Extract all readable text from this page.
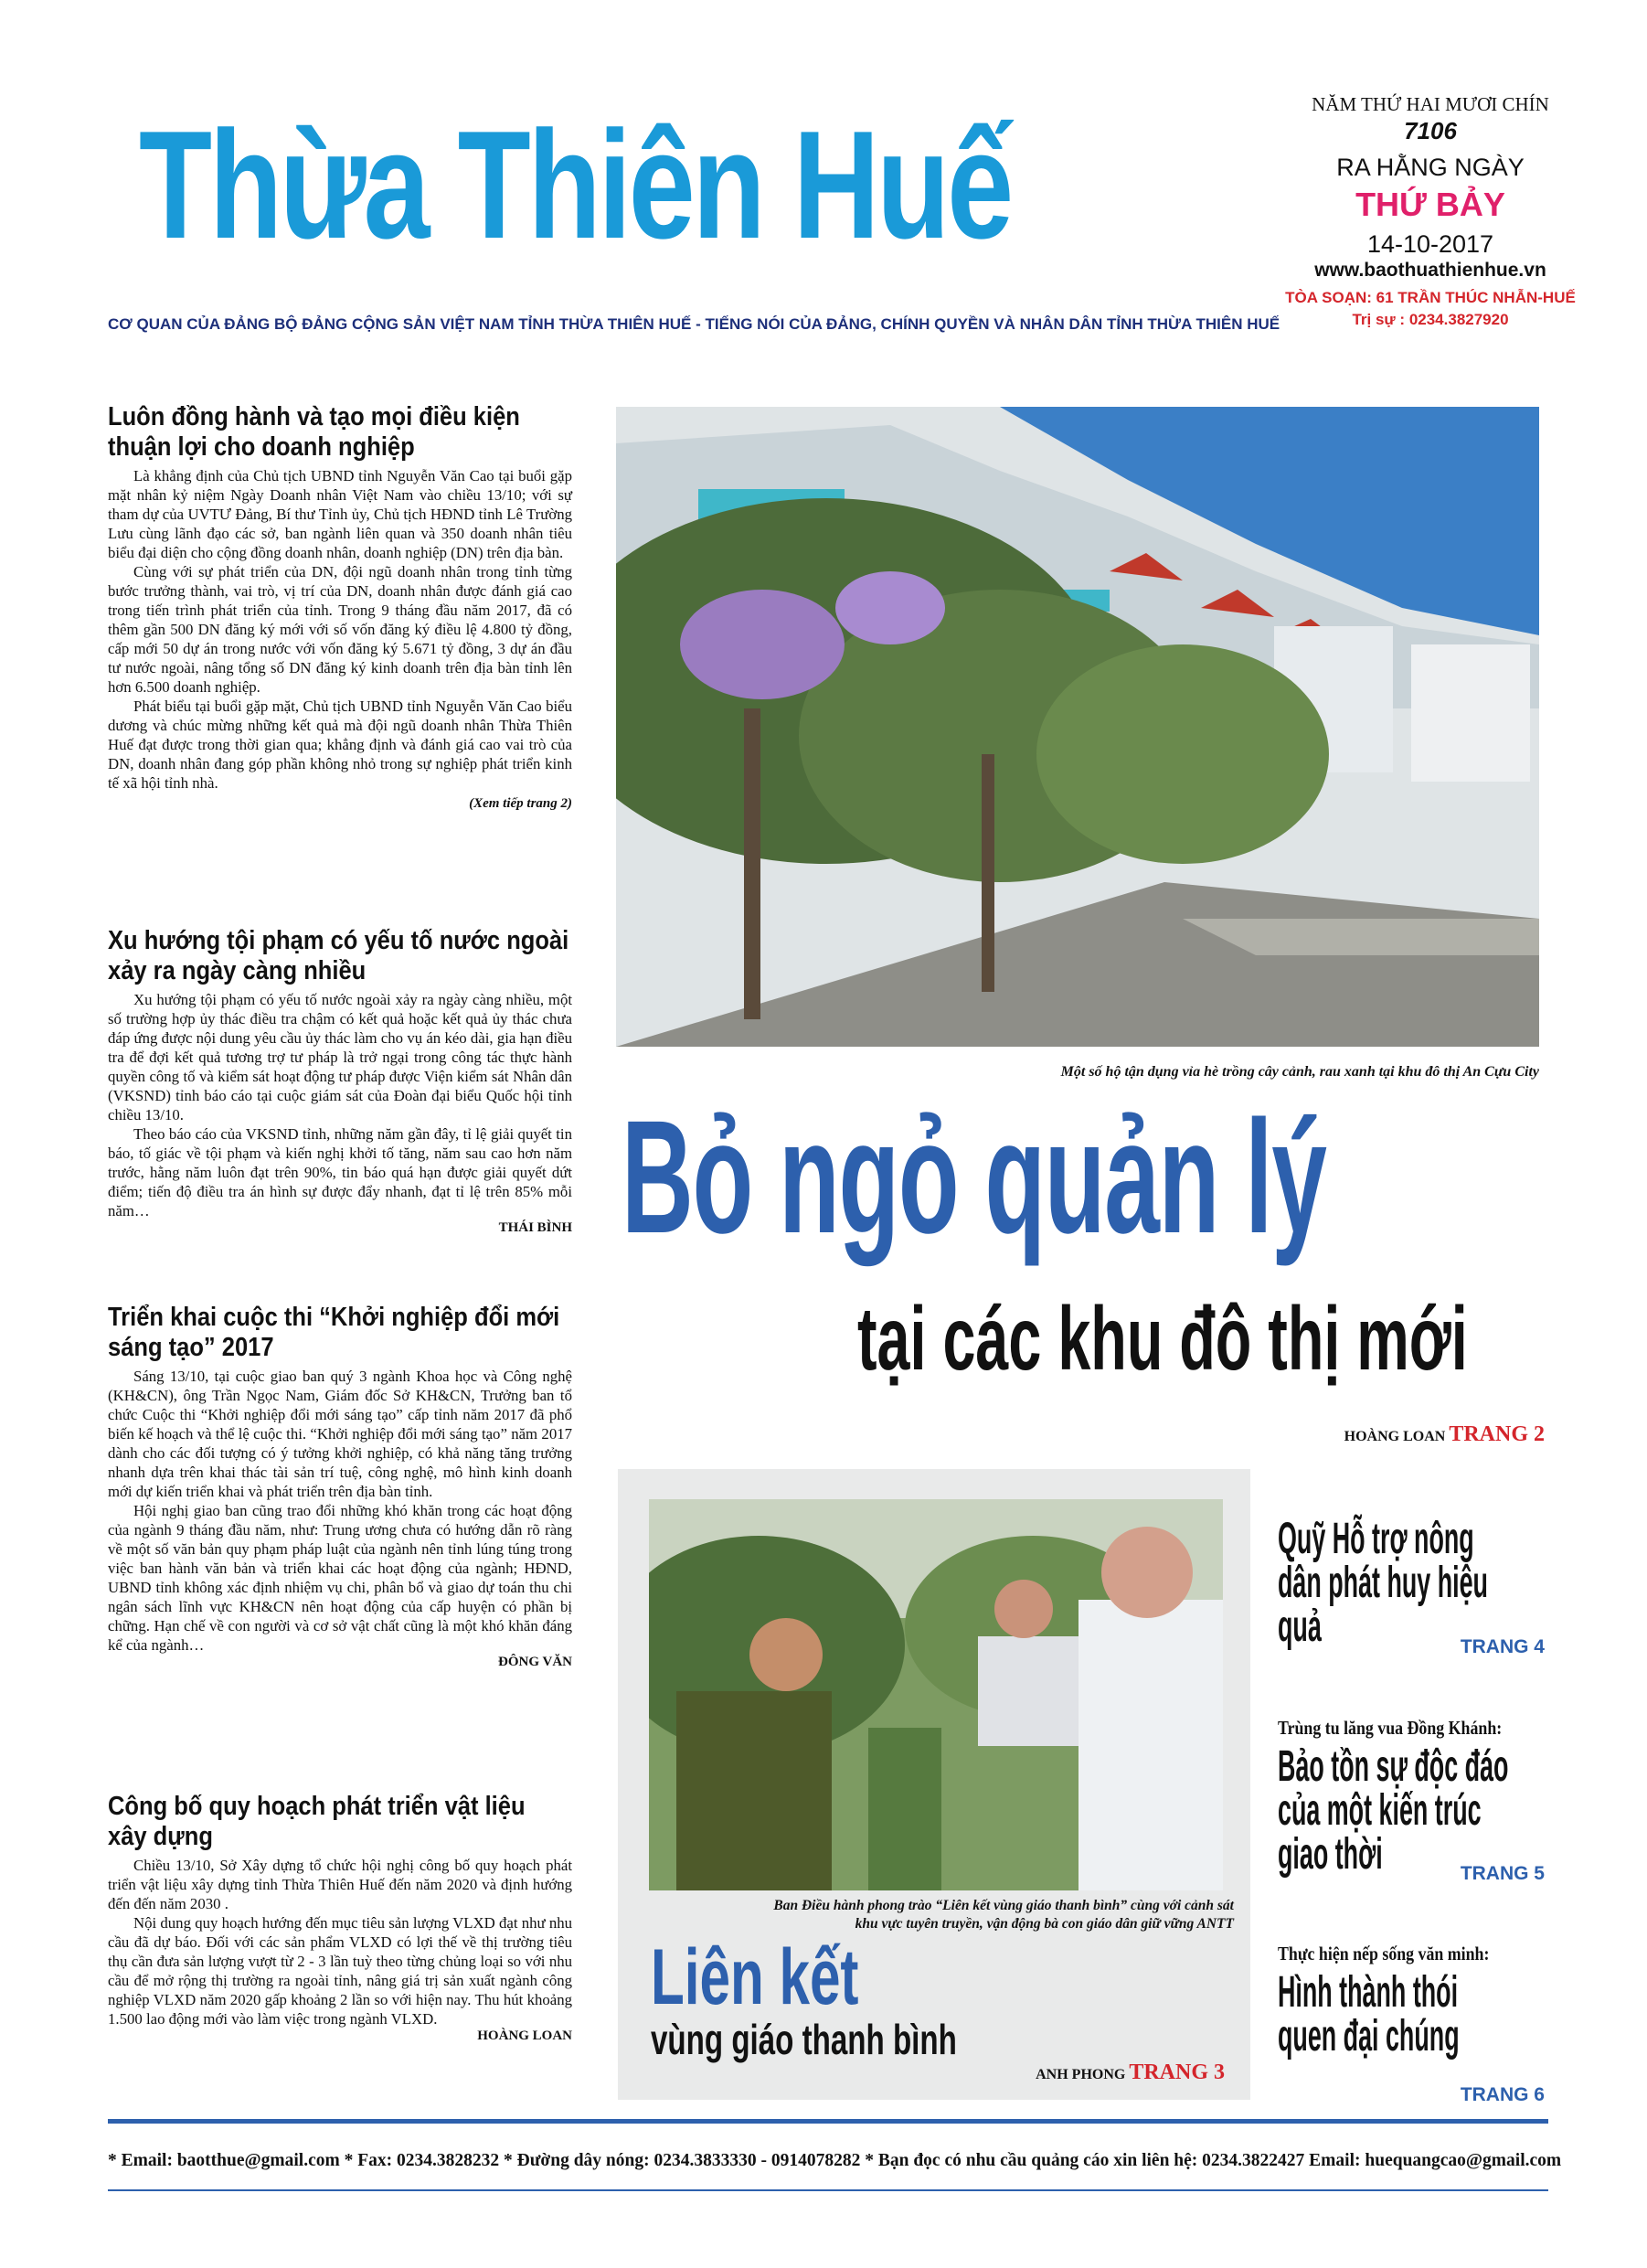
Thừa Thiên Huế
CƠ QUAN CỦA ĐẢNG BỘ ĐẢNG CỘNG SẢN VIỆT NAM TỈNH THỪA THIÊN HUẾ - TIẾNG NÓI CỦA ĐẢNG, CHÍNH QUYỀN VÀ NHÂN DÂN TỈNH THỪA THIÊN HUẾ
NĂM THỨ HAI MƯƠI CHÍN
7106
RA HẰNG NGÀY
THỨ BẢY
14-10-2017
www.baothuathienhue.vn
TÒA SOẠN: 61 TRẦN THÚC NHẪN-HUẾ
Trị sự : 0234.3827920
Luôn đồng hành và tạo mọi điều kiện thuận lợi cho doanh nghiệp

Là khẳng định của Chủ tịch UBND tỉnh Nguyễn Văn Cao tại buổi gặp mặt nhân kỷ niệm Ngày Doanh nhân Việt Nam vào chiều 13/10; với sự tham dự của UVTƯ Đảng, Bí thư Tỉnh ủy, Chủ tịch HĐND tỉnh Lê Trường Lưu cùng lãnh đạo các sở, ban ngành liên quan và 350 doanh nhân tiêu biểu đại diện cho cộng đồng doanh nhân, doanh nghiệp (DN) trên địa bàn.

Cùng với sự phát triển của DN, đội ngũ doanh nhân trong tỉnh từng bước trưởng thành, vai trò, vị trí của DN, doanh nhân được đánh giá cao trong tiến trình phát triển của tỉnh. Trong 9 tháng đầu năm 2017, đã có thêm gần 500 DN đăng ký mới với số vốn đăng ký điều lệ 4.800 tỷ đồng, cấp mới 50 dự án trong nước với vốn đăng ký 5.671 tỷ đồng, 3 dự án đầu tư nước ngoài, nâng tổng số DN đăng ký kinh doanh trên địa bàn tỉnh lên hơn 6.500 doanh nghiệp.

Phát biểu tại buổi gặp mặt, Chủ tịch UBND tỉnh Nguyễn Văn Cao biểu dương và chúc mừng những kết quả mà đội ngũ doanh nhân Thừa Thiên Huế đạt được trong thời gian qua; khẳng định và đánh giá cao vai trò của DN, doanh nhân đang góp phần không nhỏ trong sự nghiệp phát triển kinh tế xã hội tỉnh nhà.

(Xem tiếp trang 2)
Xu hướng tội phạm có yếu tố nước ngoài xảy ra ngày càng nhiều

Xu hướng tội phạm có yếu tố nước ngoài xảy ra ngày càng nhiều, một số trường hợp ủy thác điều tra chậm có kết quả hoặc kết quả ủy thác chưa đáp ứng được nội dung yêu cầu ủy thác làm cho vụ án kéo dài, gia hạn điều tra để đợi kết quả tương trợ tư pháp là trở ngại trong công tác thực hành quyền công tố và kiểm sát hoạt động tư pháp được Viện kiểm sát Nhân dân (VKSND) tỉnh báo cáo tại cuộc giám sát của Đoàn đại biểu Quốc hội tỉnh chiều 13/10.

Theo báo cáo của VKSND tỉnh, những năm gần đây, tỉ lệ giải quyết tin báo, tố giác về tội phạm và kiến nghị khởi tố tăng, năm sau cao hơn năm trước, hằng năm luôn đạt trên 90%, tin báo quá hạn được giải quyết dứt điểm; tiến độ điều tra án hình sự được đẩy nhanh, đạt tỉ lệ trên 85% mỗi năm…

THÁI BÌNH
Triển khai cuộc thi “Khởi nghiệp đổi mới sáng tạo” 2017

Sáng 13/10, tại cuộc giao ban quý 3 ngành Khoa học và Công nghệ (KH&CN), ông Trần Ngọc Nam, Giám đốc Sở KH&CN, Trưởng ban tổ chức Cuộc thi “Khởi nghiệp đổi mới sáng tạo” cấp tỉnh năm 2017 đã phổ biến kế hoạch và thể lệ cuộc thi. “Khởi nghiệp đổi mới sáng tạo” năm 2017 dành cho các đối tượng có ý tưởng khởi nghiệp, có khả năng tăng trưởng nhanh dựa trên khai thác tài sản trí tuệ, công nghệ, mô hình kinh doanh mới dự kiến triển khai và phát triển trên địa bàn tỉnh.

Hội nghị giao ban cũng trao đổi những khó khăn trong các hoạt động của ngành 9 tháng đầu năm, như: Trung ương chưa có hướng dẫn rõ ràng về một số văn bản quy phạm pháp luật của ngành nên tỉnh lúng túng trong việc ban hành văn bản và triển khai các hoạt động của ngành; HĐND, UBND tỉnh không xác định nhiệm vụ chi, phân bổ và giao dự toán thu chi ngân sách lĩnh vực KH&CN nên hoạt động của cấp huyện có phần bị chững. Hạn chế về con người và cơ sở vật chất cũng là một khó khăn đáng kể của ngành…

ĐÔNG VĂN
Công bố quy hoạch phát triển vật liệu xây dựng

Chiều 13/10, Sở Xây dựng tổ chức hội nghị công bố quy hoạch phát triển vật liệu xây dựng tỉnh Thừa Thiên Huế đến năm 2020 và định hướng đến đến năm 2030 .

Nội dung quy hoạch hướng đến mục tiêu sản lượng VLXD đạt như nhu cầu đã dự báo. Đối với các sản phẩm VLXD có lợi thế về thị trường tiêu thụ cần đưa sản lượng vượt từ 2 - 3 lần tuỳ theo từng chủng loại so với nhu cầu để mở rộng thị trường ra ngoài tỉnh, nâng giá trị sản xuất ngành công nghiệp VLXD năm 2020 gấp khoảng 2 lần so với hiện nay. Thu hút khoảng 1.500 lao động mới vào làm việc trong ngành VLXD.

HOÀNG LOAN
Một số hộ tận dụng vỉa hè trồng cây cảnh, rau xanh tại khu đô thị An Cựu City
Bỏ ngỏ quản lý
tại các khu đô thị mới
HOÀNG LOAN TRANG 2
Ban Điều hành phong trào “Liên kết vùng giáo thanh bình” cùng với cảnh sát
khu vực tuyên truyền, vận động bà con giáo dân giữ vững ANTT
Liên kết
vùng giáo thanh bình
ANH PHONG TRANG 3
Quỹ Hỗ trợ nông dân phát huy hiệu quả	TRANG 4
Trùng tu lăng vua Đồng Khánh:
Bảo tồn sự độc đáo của một kiến trúc giao thời	TRANG 5
Thực hiện nếp sống văn minh:
Hình thành thói quen đại chúng
TRANG 6
* Email: baotthue@gmail.com * Fax: 0234.3828232 * Đường dây nóng: 0234.3833330 - 0914078282 * Bạn đọc có nhu cầu quảng cáo xin liên hệ: 0234.3822427 Email: huequangcao@gmail.com
